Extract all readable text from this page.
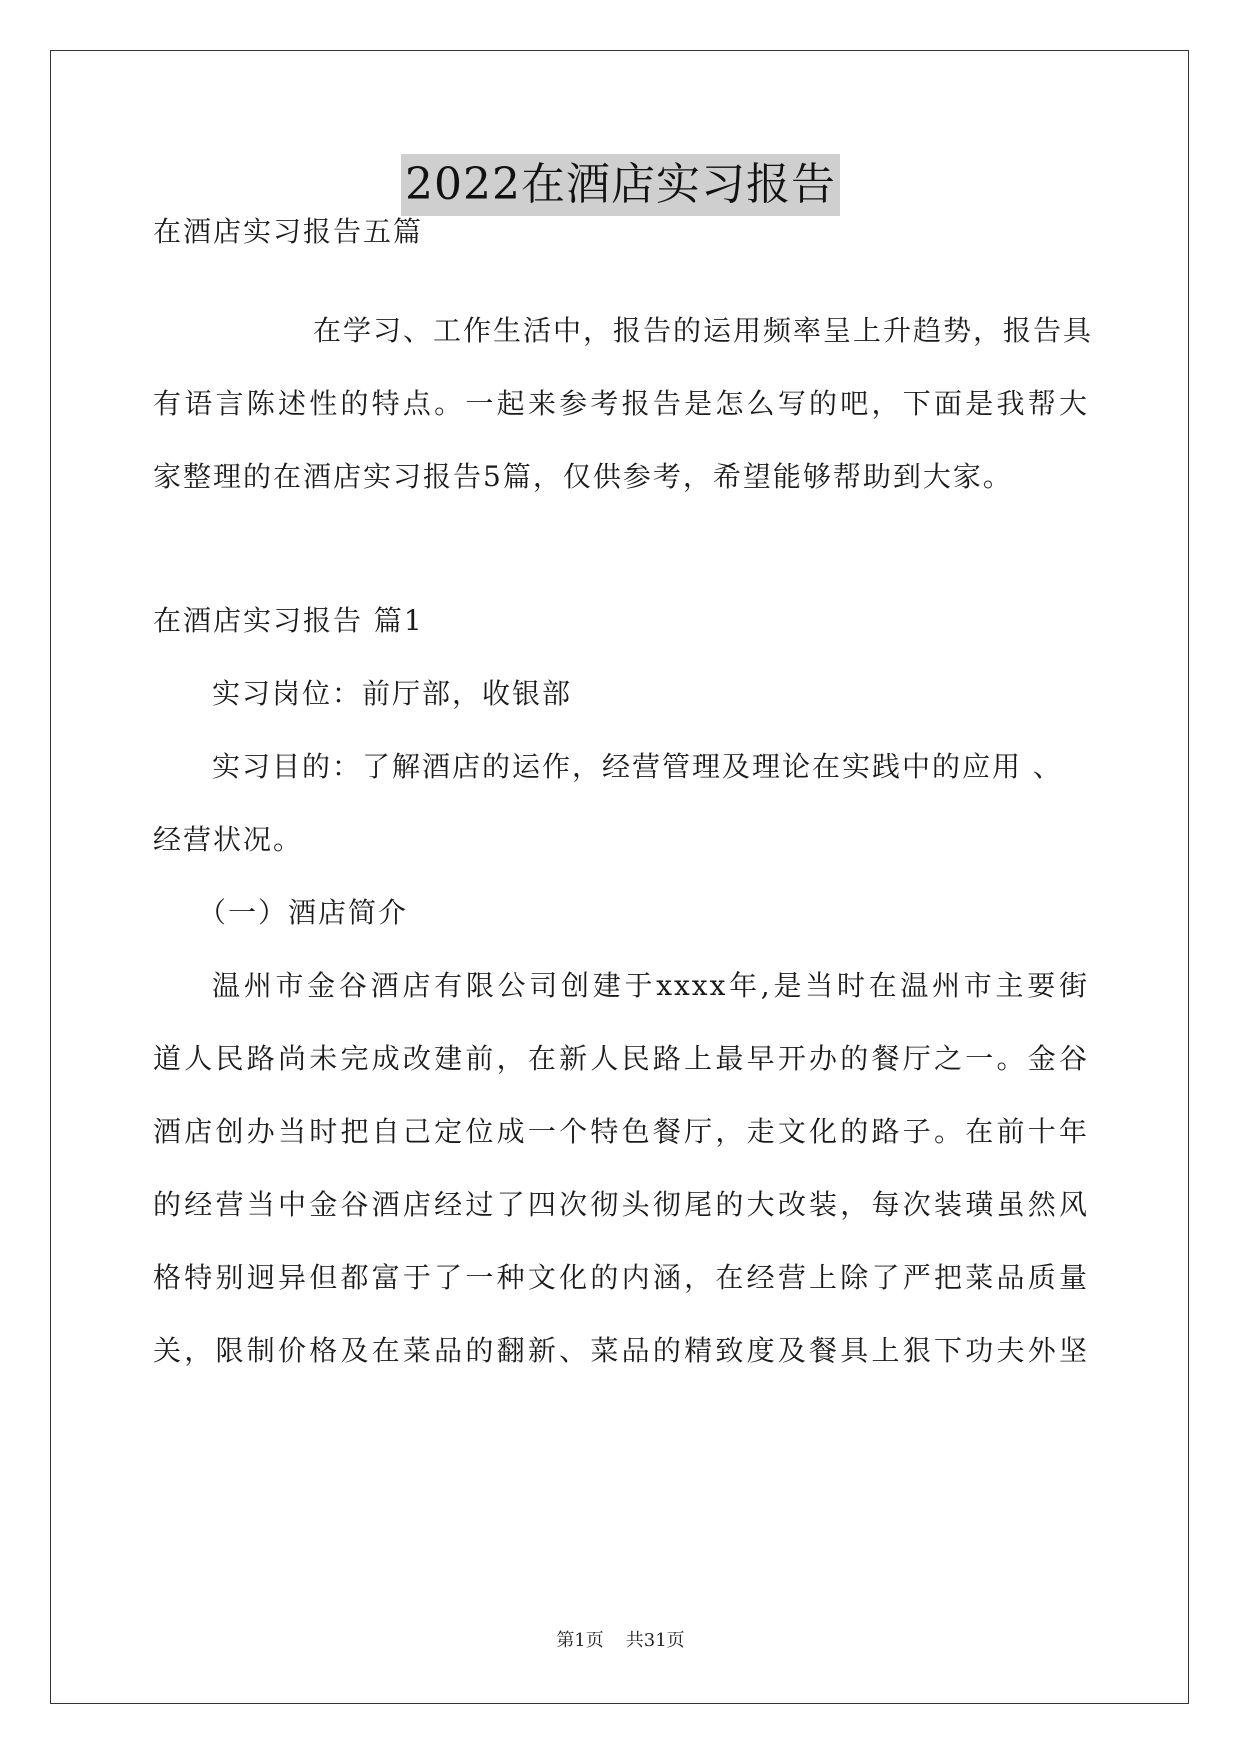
2022在酒店实习报告
在酒店实习报告五篇
　　在学习、工作生活中，报告的运用频率呈上升趋势，报告具
有语言陈述性的特点。一起来参考报告是怎么写的吧，下面是我帮大
家整理的在酒店实习报告5篇，仅供参考，希望能够帮助到大家。
在酒店实习报告 篇1
实习岗位：前厅部，收银部
实习目的：了解酒店的运作，经营管理及理论在实践中的应用 、
经营状况。
（一）酒店简介
温州市金谷酒店有限公司创建于xxxx年,是当时在温州市主要街
道人民路尚未完成改建前，在新人民路上最早开办的餐厅之一。金谷
酒店创办当时把自己定位成一个特色餐厅，走文化的路子。在前十年
的经营当中金谷酒店经过了四次彻头彻尾的大改装，每次装璜虽然风
格特别迥异但都富于了一种文化的内涵，在经营上除了严把菜品质量
关，限制价格及在菜品的翻新、菜品的精致度及餐具上狠下功夫外坚
第1页 共31页
